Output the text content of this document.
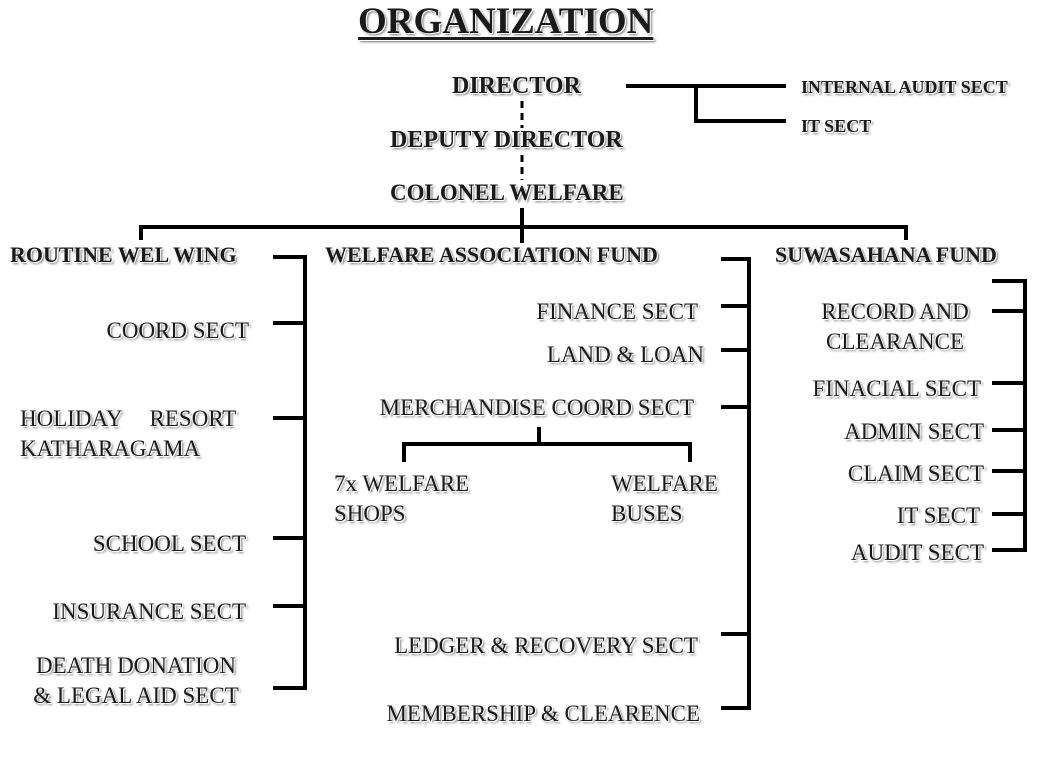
ORGANIZATION
DIRECTOR	INTERNAL AUDIT SECT
IT SECT
DEPUTY DIRECTOR
COLONEL WELFARE
ROUTINE WEL WING	WELFARE ASSOCIATION FUND	SUWASAHANA FUND
COORD SECT
HOLIDAY RESORT
KATHARAGAMA
SCHOOL SECT
INSURANCE SECT
DEATH DONATION
& LEGAL AID SECT
FINANCE SECT
LAND & LOAN
MERCHANDISE COORD SECT
7x WELFARE
SHOPS
WELFARE
BUSES
LEDGER & RECOVERY SECT
MEMBERSHIP & CLEARENCE
RECORD AND
CLEARANCE
FINACIAL SECT
ADMIN SECT
CLAIM SECT
IT SECT
AUDIT SECT
